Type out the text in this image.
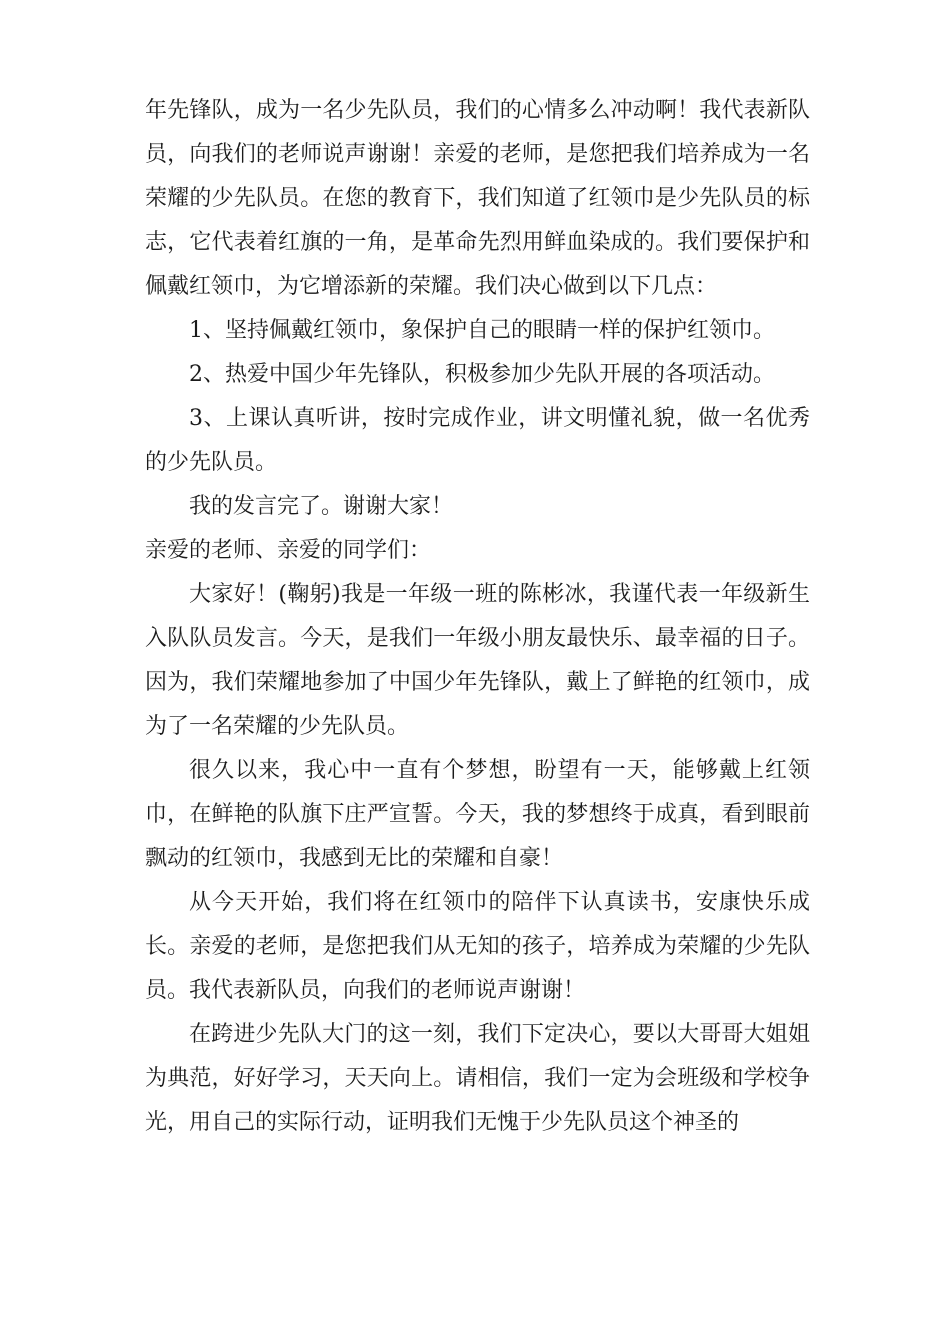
年先锋队，成为一名少先队员，我们的心情多么冲动啊！我代表新队员，向我们的老师说声谢谢！亲爱的老师，是您把我们培养成为一名荣耀的少先队员。在您的教育下，我们知道了红领巾是少先队员的标志，它代表着红旗的一角，是革命先烈用鲜血染成的。我们要保护和佩戴红领巾，为它增添新的荣耀。我们决心做到以下几点：

1、坚持佩戴红领巾，象保护自己的眼睛一样的保护红领巾。

2、热爱中国少年先锋队，积极参加少先队开展的各项活动。

3、上课认真听讲，按时完成作业，讲文明懂礼貌，做一名优秀的少先队员。

我的发言完了。谢谢大家！

亲爱的老师、亲爱的同学们：

大家好！(鞠躬)我是一年级一班的陈彬冰，我谨代表一年级新生入队队员发言。今天，是我们一年级小朋友最快乐、最幸福的日子。因为，我们荣耀地参加了中国少年先锋队，戴上了鲜艳的红领巾，成为了一名荣耀的少先队员。

很久以来，我心中一直有个梦想，盼望有一天，能够戴上红领巾，在鲜艳的队旗下庄严宣誓。今天，我的梦想终于成真，看到眼前飘动的红领巾，我感到无比的荣耀和自豪！

从今天开始，我们将在红领巾的陪伴下认真读书，安康快乐成长。亲爱的老师，是您把我们从无知的孩子，培养成为荣耀的少先队员。我代表新队员，向我们的老师说声谢谢！

在跨进少先队大门的这一刻，我们下定决心，要以大哥哥大姐姐为典范，好好学习，天天向上。请相信，我们一定为会班级和学校争光，用自己的实际行动，证明我们无愧于少先队员这个神圣的
